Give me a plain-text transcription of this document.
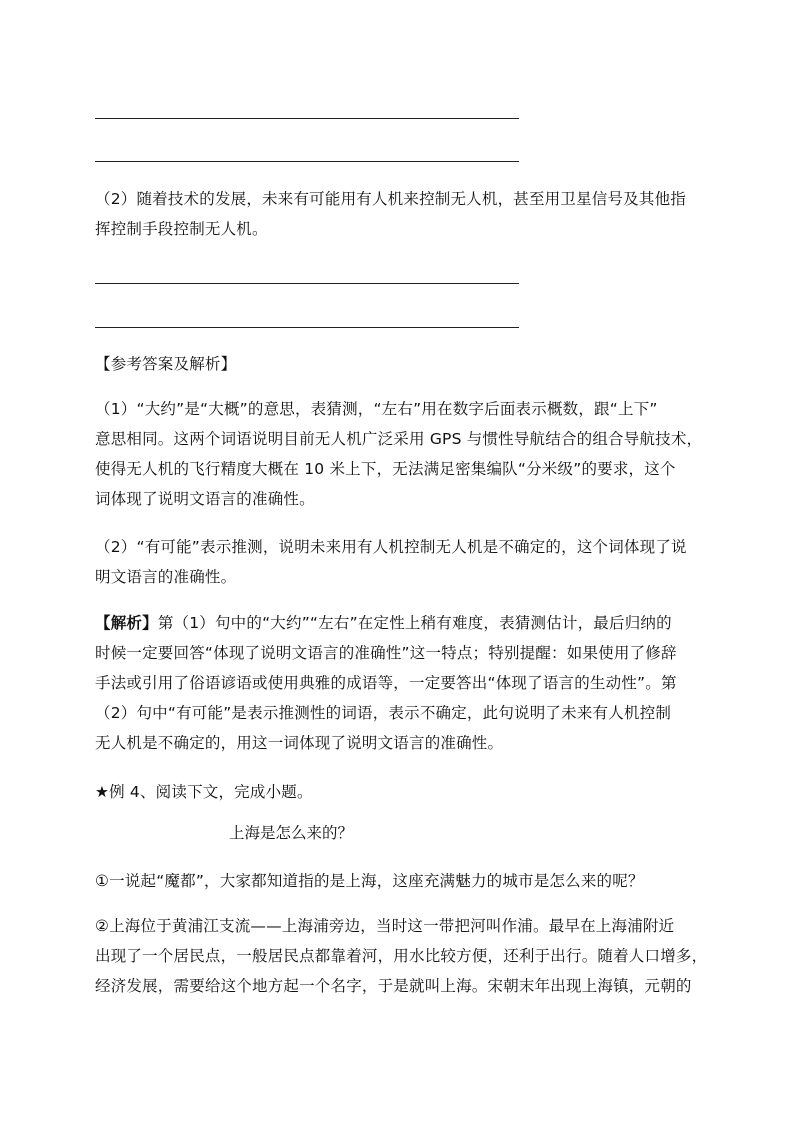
（2）随着技术的发展，未来有可能用有人机来控制无人机，甚至用卫星信号及其他指
挥控制手段控制无人机。
【参考答案及解析】
（1）“大约”是“大概”的意思，表猜测，“左右”用在数字后面表示概数，跟“上下”
意思相同。这两个词语说明目前无人机广泛采用 GPS 与惯性导航结合的组合导航技术，
使得无人机的飞行精度大概在 10 米上下，无法满足密集编队“分米级”的要求，这个
词体现了说明文语言的准确性。
（2）“有可能”表示推测，说明未来用有人机控制无人机是不确定的，这个词体现了说
明文语言的准确性。
【解析】第（1）句中的“大约”“左右”在定性上稍有难度，表猜测估计，最后归纳的
时候一定要回答“体现了说明文语言的准确性”这一特点；特别提醒：如果使用了修辞
手法或引用了俗语谚语或使用典雅的成语等，一定要答出“体现了语言的生动性”。第
（2）句中“有可能”是表示推测性的词语，表示不确定，此句说明了未来有人机控制
无人机是不确定的，用这一词体现了说明文语言的准确性。
★例 4、阅读下文，完成小题。
上海是怎么来的？
①一说起“魔都”，大家都知道指的是上海，这座充满魅力的城市是怎么来的呢？
②上海位于黄浦江支流——上海浦旁边，当时这一带把河叫作浦。最早在上海浦附近
出现了一个居民点，一般居民点都靠着河，用水比较方便，还利于出行。随着人口增多，
经济发展，需要给这个地方起一个名字，于是就叫上海。宋朝末年出现上海镇，元朝的
